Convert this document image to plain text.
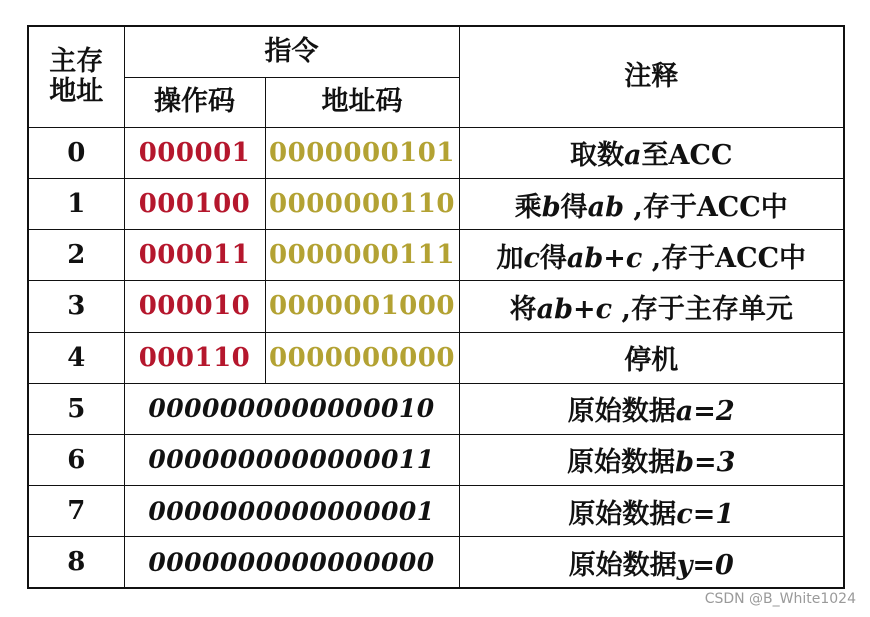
主存地址	指令		注释
	操作码	地址码	
0	000001	0000000101	取数a至ACC
1	000100	0000000110	乘b得ab ,存于ACC中
2	000011	0000000111	加c得ab+c ,存于ACC中
3	000010	0000001000	将ab+c ,存于主存单元
4	000110	0000000000	停机
5	0000000000000010		原始数据a=2
6	0000000000000011		原始数据b=3
7	0000000000000001		原始数据c=1
8	0000000000000000		原始数据y=0
CSDN @B_White1024
